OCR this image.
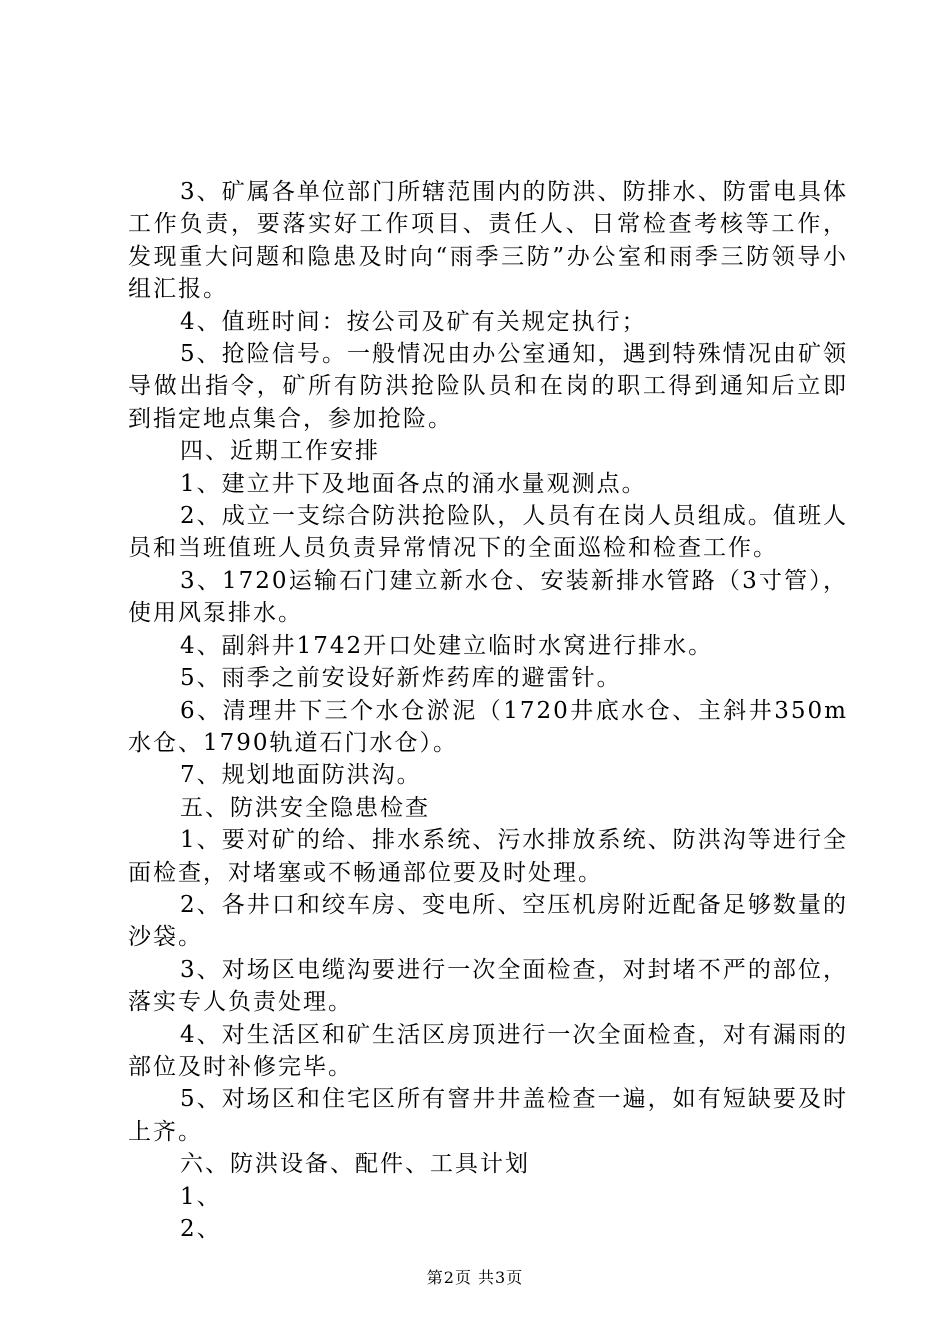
3、矿属各单位部门所辖范围内的防洪、防排水、防雷电具体工作负责，要落实好工作项目、责任人、日常检查考核等工作，发现重大问题和隐患及时向“雨季三防”办公室和雨季三防领导小组汇报。

4、值班时间：按公司及矿有关规定执行；

5、抢险信号。一般情况由办公室通知，遇到特殊情况由矿领导做出指令，矿所有防洪抢险队员和在岗的职工得到通知后立即到指定地点集合，参加抢险。

四、近期工作安排

1、建立井下及地面各点的涌水量观测点。

2、成立一支综合防洪抢险队，人员有在岗人员组成。值班人员和当班值班人员负责异常情况下的全面巡检和检查工作。

3、1720运输石门建立新水仓、安装新排水管路（3寸管），使用风泵排水。

4、副斜井1742开口处建立临时水窝进行排水。

5、雨季之前安设好新炸药库的避雷针。

6、清理井下三个水仓淤泥（1720井底水仓、主斜井350m水仓、1790轨道石门水仓）。

7、规划地面防洪沟。

五、防洪安全隐患检查

1、要对矿的给、排水系统、污水排放系统、防洪沟等进行全面检查，对堵塞或不畅通部位要及时处理。

2、各井口和绞车房、变电所、空压机房附近配备足够数量的沙袋。

3、对场区电缆沟要进行一次全面检查，对封堵不严的部位，落实专人负责处理。

4、对生活区和矿生活区房顶进行一次全面检查，对有漏雨的部位及时补修完毕。

5、对场区和住宅区所有窨井井盖检查一遍，如有短缺要及时上齐。

六、防洪设备、配件、工具计划

1、

2、

第2页 共3页
